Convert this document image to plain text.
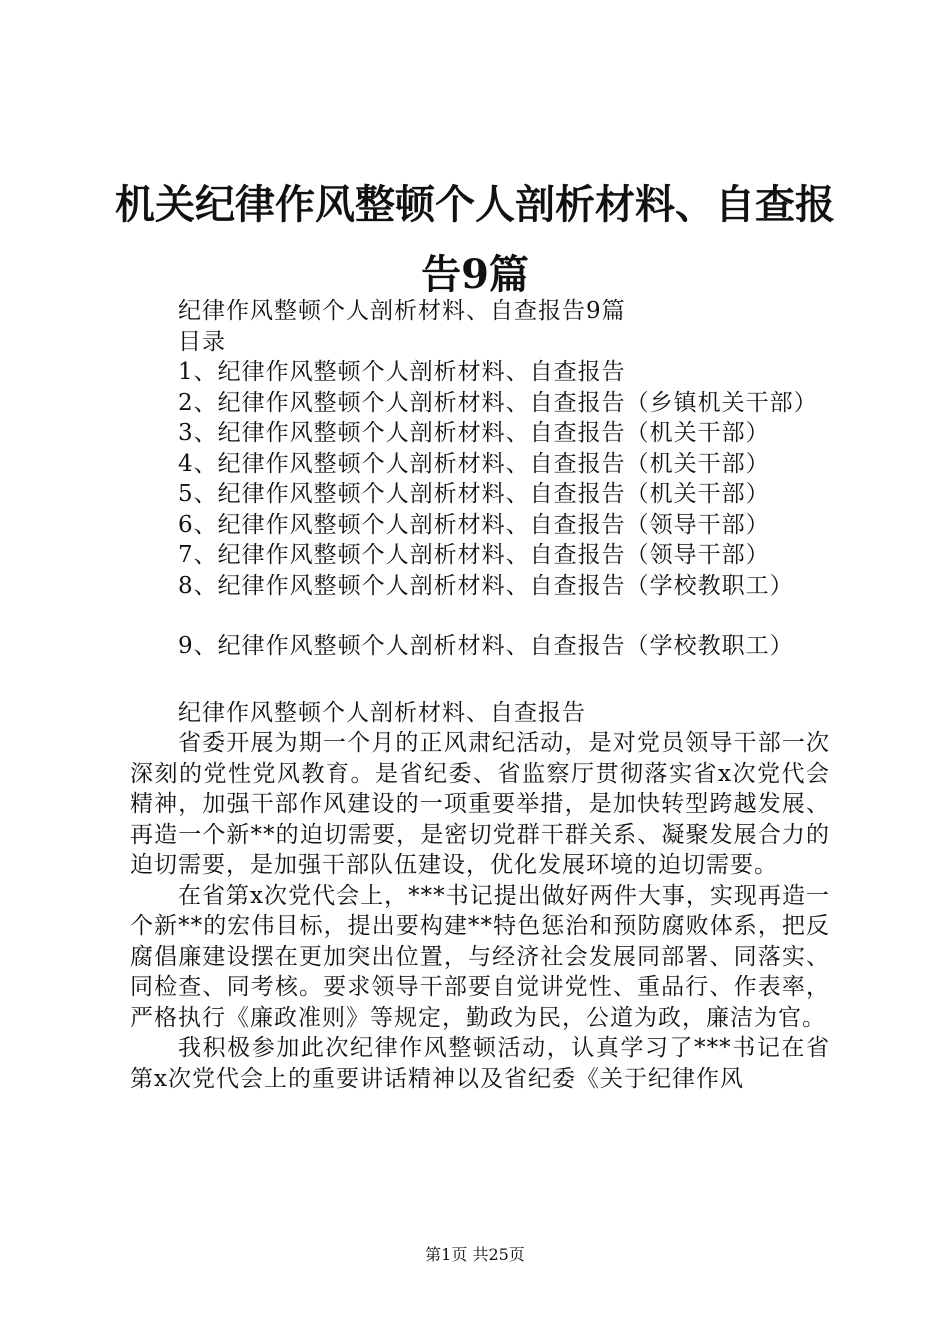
机关纪律作风整顿个人剖析材料、自查报告9篇

纪律作风整顿个人剖析材料、自查报告9篇

目录

1、纪律作风整顿个人剖析材料、自查报告

2、纪律作风整顿个人剖析材料、自查报告（乡镇机关干部）

3、纪律作风整顿个人剖析材料、自查报告（机关干部）

4、纪律作风整顿个人剖析材料、自查报告（机关干部）

5、纪律作风整顿个人剖析材料、自查报告（机关干部）

6、纪律作风整顿个人剖析材料、自查报告（领导干部）

7、纪律作风整顿个人剖析材料、自查报告（领导干部）

8、纪律作风整顿个人剖析材料、自查报告（学校教职工）

9、纪律作风整顿个人剖析材料、自查报告（学校教职工）

纪律作风整顿个人剖析材料、自查报告

省委开展为期一个月的正风肃纪活动，是对党员领导干部一次深刻的党性党风教育。是省纪委、省监察厅贯彻落实省x次党代会精神，加强干部作风建设的一项重要举措，是加快转型跨越发展、再造一个新**的迫切需要，是密切党群干群关系、凝聚发展合力的迫切需要，是加强干部队伍建设，优化发展环境的迫切需要。

在省第x次党代会上，***书记提出做好两件大事，实现再造一个新**的宏伟目标，提出要构建**特色惩治和预防腐败体系，把反腐倡廉建设摆在更加突出位置，与经济社会发展同部署、同落实、同检查、同考核。要求领导干部要自觉讲党性、重品行、作表率，严格执行《廉政准则》等规定，勤政为民，公道为政，廉洁为官。

我积极参加此次纪律作风整顿活动，认真学习了***书记在省第x次党代会上的重要讲话精神以及省纪委《关于纪律作风

第1页 共25页
